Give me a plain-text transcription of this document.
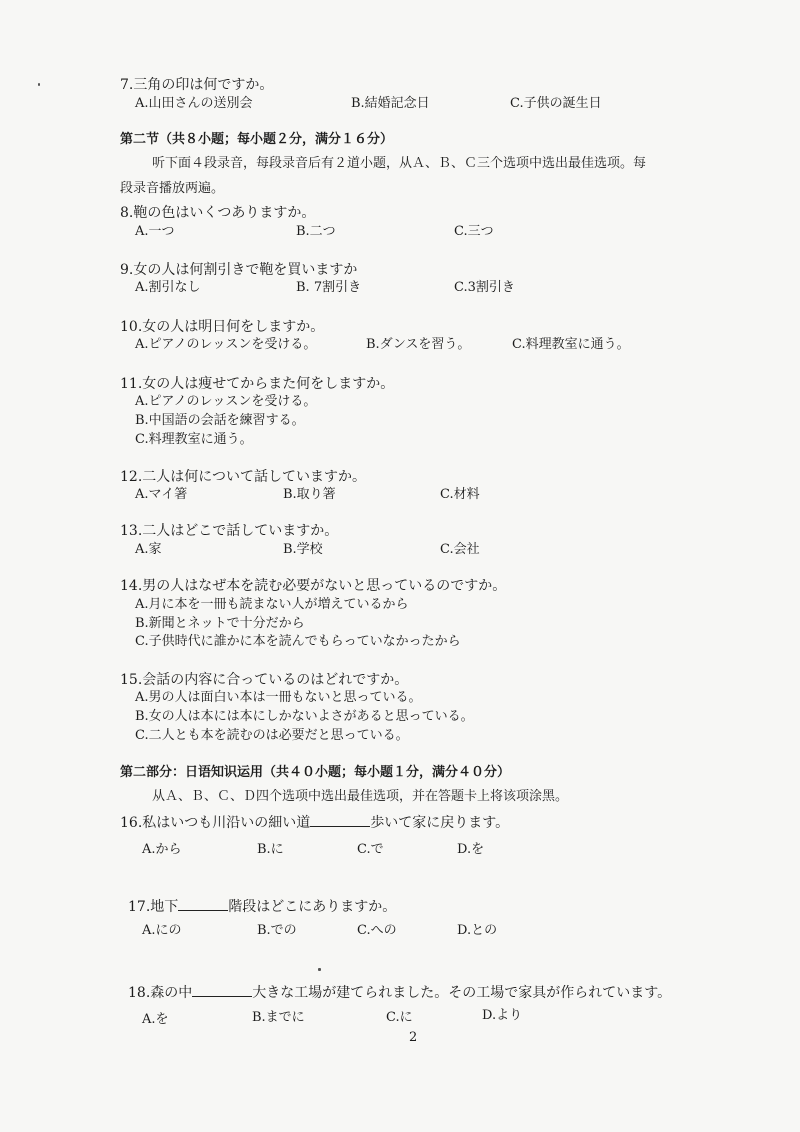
7.三角の印は何ですか。
A.山田さんの送別会	B.結婚記念日	C.子供の誕生日
第二节（共８小题；每小题２分，满分１６分）
听下面４段录音，每段录音后有２道小题，从Ａ、Ｂ、Ｃ三个选项中选出最佳选项。每
段录音播放两遍。
8.鞄の色はいくつありますか。
A.一つ	B.二つ	C.三つ
9.女の人は何割引きで鞄を買いますか
A.割引なし	B. 7割引き	C.3割引き
10.女の人は明日何をしますか。
A.ピアノのレッスンを受ける。	B.ダンスを習う。	C.料理教室に通う。
11.女の人は痩せてからまた何をしますか。
A.ピアノのレッスンを受ける。
B.中国語の会話を練習する。
C.料理教室に通う。
12.二人は何について話していますか。
A.マイ箸	B.取り箸	C.材料
13.二人はどこで話していますか。
A.家	B.学校	C.会社
14.男の人はなぜ本を読む必要がないと思っているのですか。
A.月に本を一冊も読まない人が増えているから
B.新聞とネットで十分だから
C.子供時代に誰かに本を読んでもらっていなかったから
15.会話の内容に合っているのはどれですか。
A.男の人は面白い本は一冊もないと思っている。
B.女の人は本には本にしかないよさがあると思っている。
C.二人とも本を読むのは必要だと思っている。
第二部分：日语知识运用（共４０小题；每小题１分，满分４０分）
从Ａ、Ｂ、Ｃ、Ｄ四个选项中选出最佳选项，并在答题卡上将该项涂黑。
16.私はいつも川沿いの細い道	歩いて家に戻ります。
A.から	B.に	C.で	D.を
17.地下	階段はどこにありますか。
A.にの	B.での	C.への	D.との
18.森の中	大きな工場が建てられました。その工場で家具が作られています。
A.を	B.までに	C.に	D.より
2
